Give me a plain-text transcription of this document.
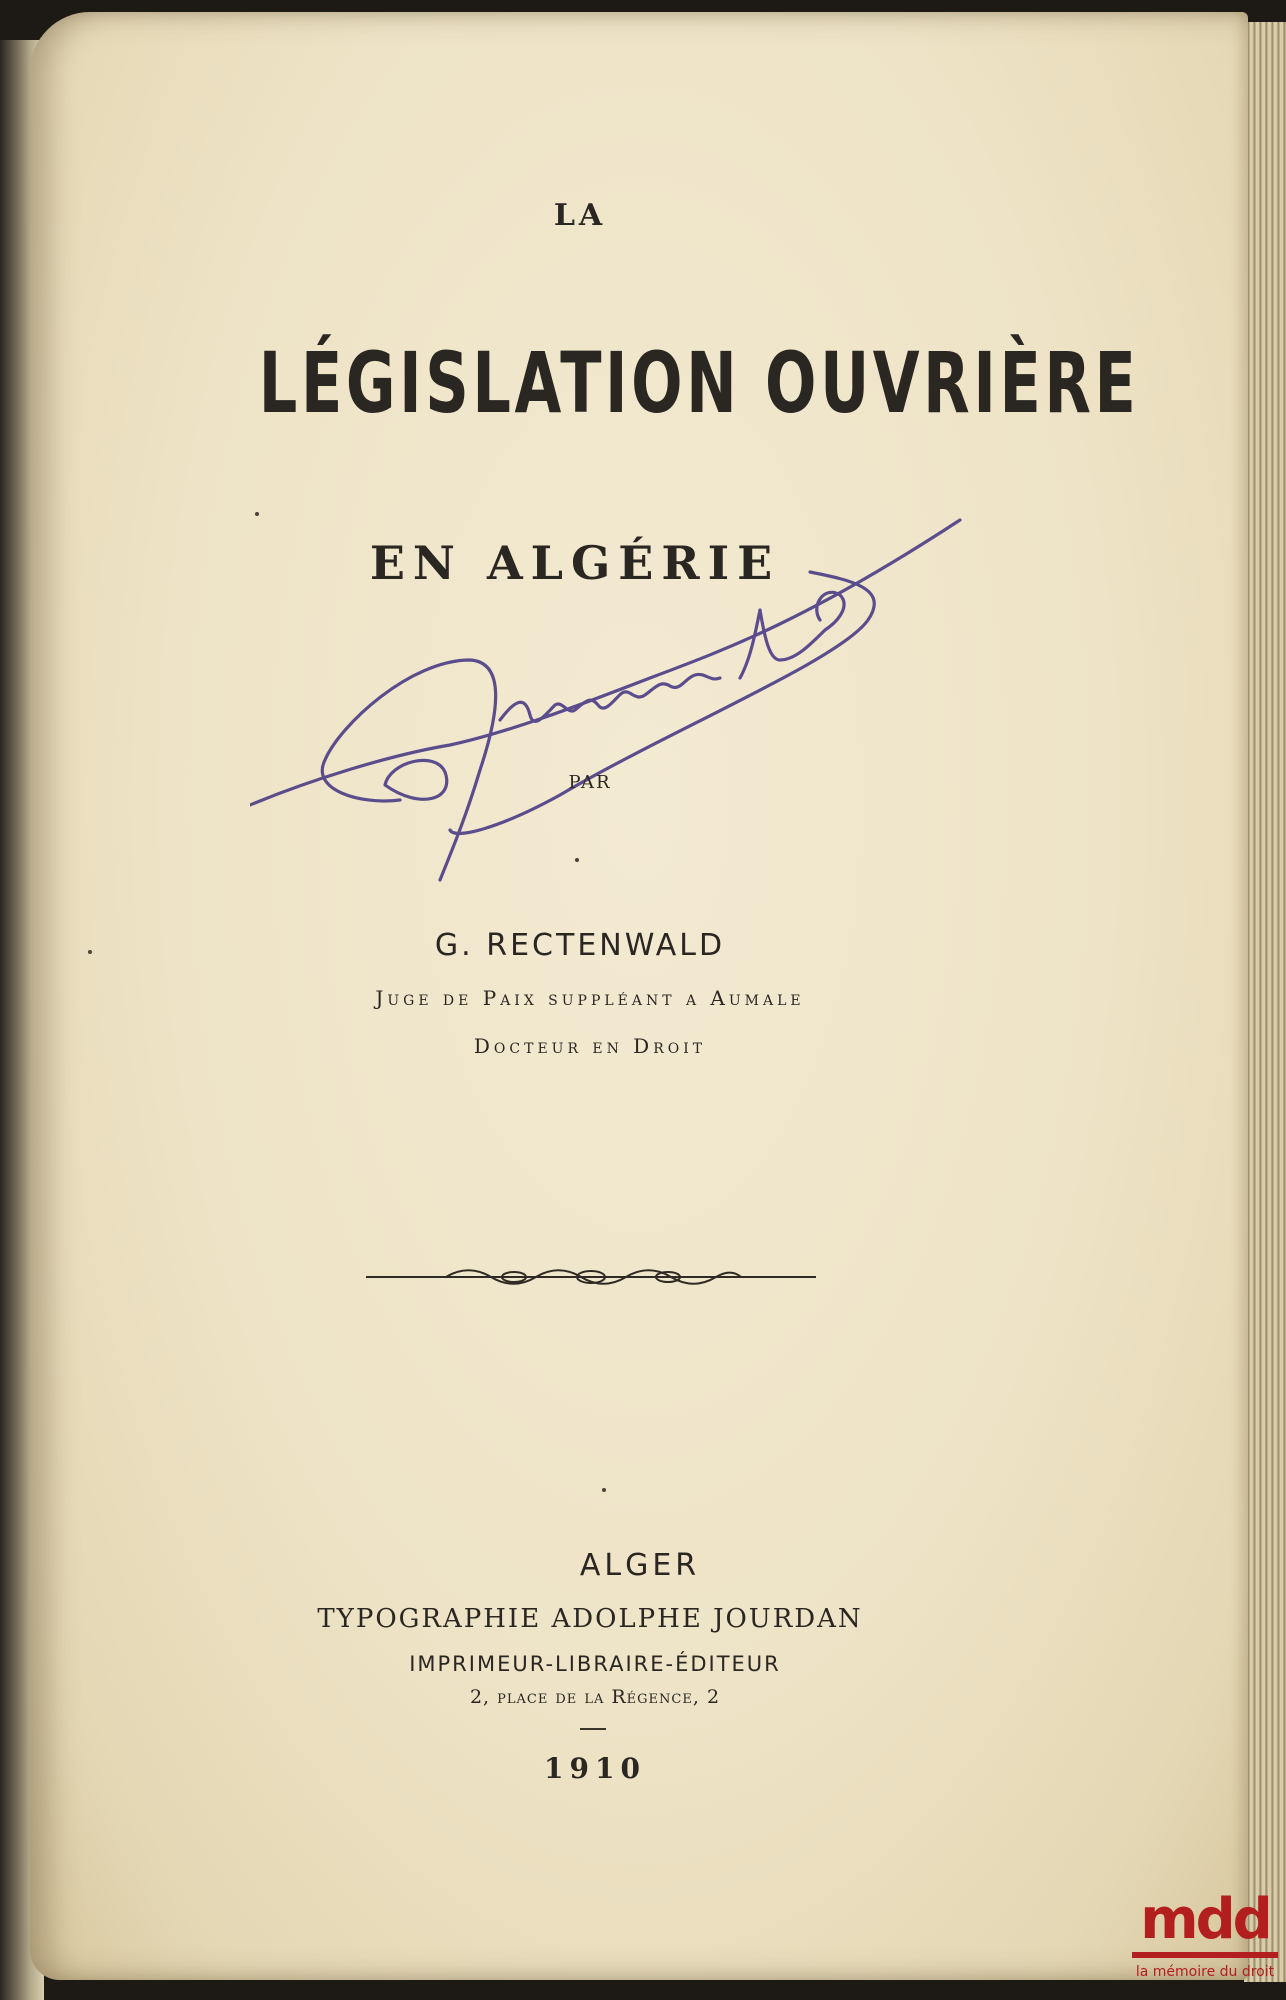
LA
LÉGISLATION OUVRIÈRE
EN ALGÉRIE
PAR
G. RECTENWALD
Juge de Paix suppléant a Aumale
Docteur en Droit
ALGER
TYPOGRAPHIE ADOLPHE JOURDAN
IMPRIMEUR-LIBRAIRE-ÉDITEUR
2, place de la Régence, 2
1910
mdd
la mémoire du droit
